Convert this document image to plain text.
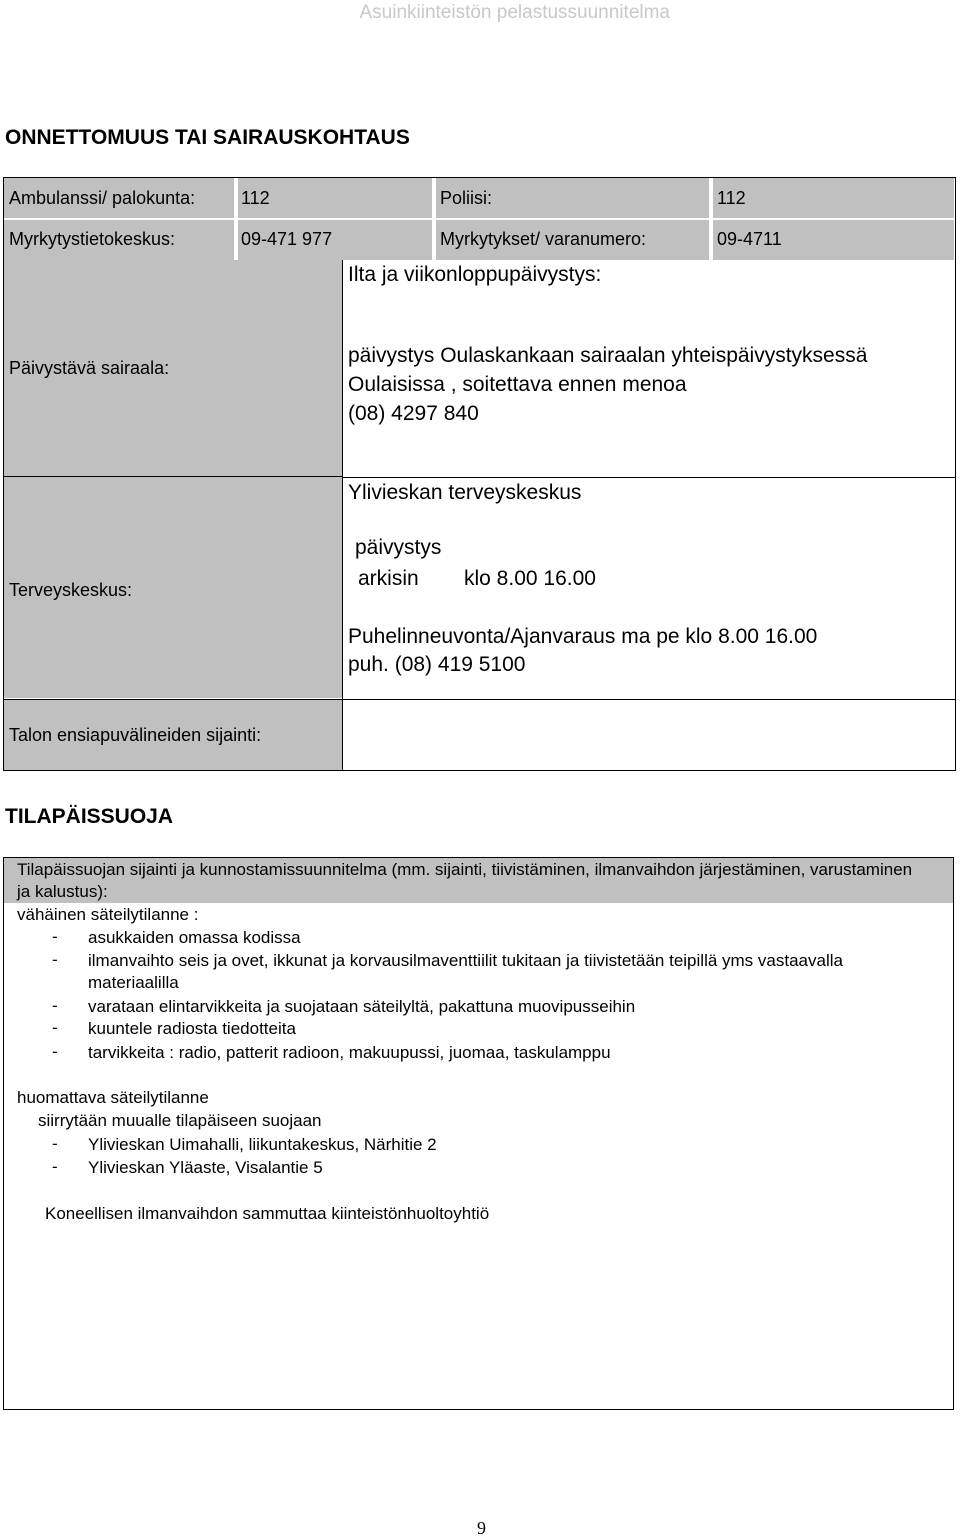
Asuinkiinteistön pelastussuunnitelma
ONNETTOMUUS TAI SAIRAUSKOHTAUS
Ambulanssi/ palokunta:	112	Poliisi:	112
Myrkytystietokeskus:	09-471 977	Myrkytykset/ varanumero:	09-4711
Päivystävä sairaala:
Ilta ja viikonloppupäivystys:
päivystys Oulaskankaan sairaalan yhteispäivystyksessä
Oulaisissa , soitettava ennen menoa
(08) 4297 840
Terveyskeskus:
Ylivieskan terveyskeskus
päivystys
arkisin klo 8.00 16.00
Puhelinneuvonta/Ajanvaraus ma pe klo 8.00 16.00
puh. (08) 419 5100
Talon ensiapuvälineiden sijainti:
TILAPÄISSUOJA
Tilapäissuojan sijainti ja kunnostamissuunnitelma (mm. sijainti, tiivistäminen, ilmanvaihdon järjestäminen, varustaminen ja kalustus):
vähäinen säteilytilanne :
- asukkaiden omassa kodissa
- ilmanvaihto seis ja ovet, ikkunat ja korvausilmaventtiilit tukitaan ja tiivistetään teipillä yms vastaavalla materiaalilla
- varataan elintarvikkeita ja suojataan säteilyltä, pakattuna muovipusseihin
- kuuntele radiosta tiedotteita
- tarvikkeita : radio, patterit radioon, makuupussi, juomaa, taskulamppu
huomattava säteilytilanne
siirrytään muualle tilapäiseen suojaan
- Ylivieskan Uimahalli, liikuntakeskus, Närhitie 2
- Ylivieskan Yläaste, Visalantie 5
Koneellisen ilmanvaihdon sammuttaa kiinteistönhuoltoyhtiö
9
